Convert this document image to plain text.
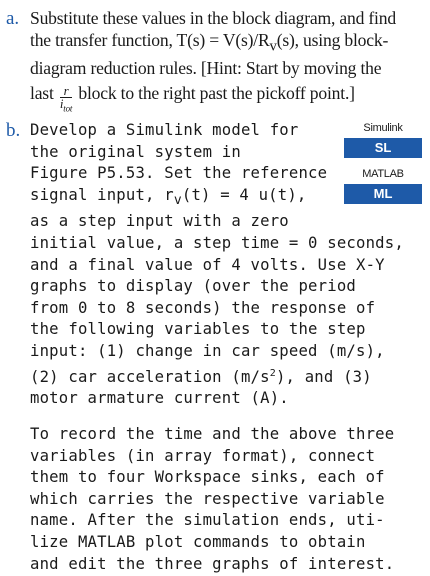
a. Substitute these values in the block diagram, and find
the transfer function, $T(s) = V(s)/R_v(s)$, using block-
diagram reduction rules. [Hint: Start by moving the
last $\frac{r}{i_{tot}}$ block to the right past the pickoff point.]
b. Develop a Simulink model for
the original system in
Figure P5.53. Set the reference
signal input, $r_v(t) = 4$ u(t),
as a step input with a zero
initial value, a step time = 0 seconds,
and a final value of 4 volts. Use X-Y
graphs to display (over the period
from 0 to 8 seconds) the response of
the following variables to the step
input: (1) change in car speed (m/s),
(2) car acceleration $(m/s^2)$, and (3)
motor armature current (A).
To record the time and the above three
variables (in array format), connect
them to four Workspace sinks, each of
which carries the respective variable
name. After the simulation ends, uti-
lize MATLAB plot commands to obtain
and edit the three graphs of interest.
Simulink
SL
MATLAB
ML
